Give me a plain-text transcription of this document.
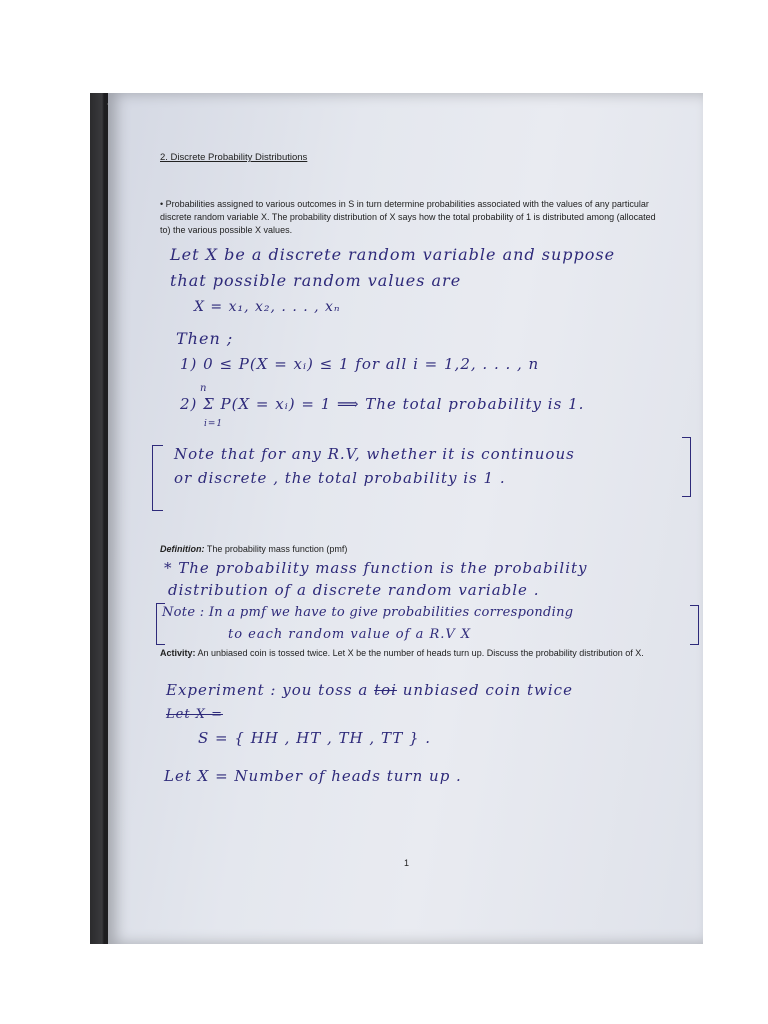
2. Discrete Probability Distributions
• Probabilities assigned to various outcomes in S in turn determine probabilities associated with the values of any particular discrete random variable X. The probability distribution of X says how the total probability of 1 is distributed among (allocated to) the various possible X values.
Let X be a discrete random variable and suppose
that possible random values are
X = x₁, x₂, . . . , xₙ
Then ;
1) 0 ≤ P(X = xᵢ) ≤ 1 for all i = 1,2, . . . , n
n
2) Σ P(X = xᵢ) = 1 ⟹ The total probability is 1.
i=1
Note that for any R.V, whether it is continuous
or discrete , the total probability is 1 .
Definition: The probability mass function (pmf)
* The probability mass function is the probability
distribution of a discrete random variable .
Note : In a pmf we have to give probabilities corresponding
to each random value of a R.V X
Activity: An unbiased coin is tossed twice. Let X be the number of heads turn up. Discuss the probability distribution of X.
Experiment : you toss a toi unbiased coin twice
Let X =
S = { HH , HT , TH , TT } .
Let X = Number of heads turn up .
1
